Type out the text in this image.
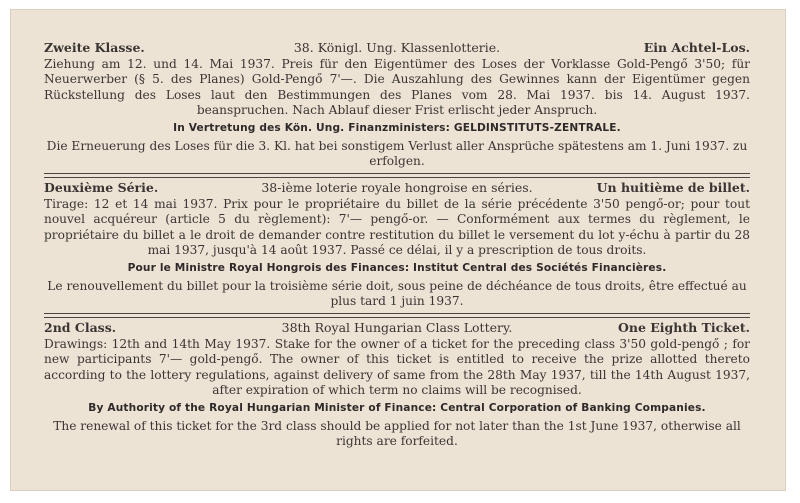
Zweite Klasse.	38. Königl. Ung. Klassenlotterie.	Ein Achtel-Los.

Ziehung am 12. und 14. Mai 1937. Preis für den Eigentümer des Loses der Vorklasse Gold-Pengő 3'50; für Neuerwerber (§ 5. des Planes) Gold-Pengő 7'—. Die Auszahlung des Gewinnes kann der Eigentümer gegen Rückstellung des Loses laut den Bestimmungen des Planes vom 28. Mai 1937. bis 14. August 1937. beanspruchen. Nach Ablauf dieser Frist erlischt jeder Anspruch.

In Vertretung des Kön. Ung. Finanzministers: GELDINSTITUTS-ZENTRALE.

Die Erneuerung des Loses für die 3. Kl. hat bei sonstigem Verlust aller Ansprüche spätestens am 1. Juni 1937. zu erfolgen.

Deuxième Série.	38-ième loterie royale hongroise en séries.	Un huitième de billet.

Tirage: 12 et 14 mai 1937. Prix pour le propriétaire du billet de la série précédente 3'50 pengő-or; pour tout nouvel acquéreur (article 5 du règlement): 7'— pengő-or. — Conformément aux termes du règlement, le propriétaire du billet a le droit de demander contre restitution du billet le versement du lot y-échu à partir du 28 mai 1937, jusqu'à 14 août 1937. Passé ce délai, il y a prescription de tous droits.

Pour le Ministre Royal Hongrois des Finances: Institut Central des Sociétés Financières.

Le renouvellement du billet pour la troisième série doit, sous peine de déchéance de tous droits, être effectué au plus tard 1 juin 1937.

2nd Class.	38th Royal Hungarian Class Lottery.	One Eighth Ticket.

Drawings: 12th and 14th May 1937. Stake for the owner of a ticket for the preceding class 3'50 gold-pengő ; for new participants 7'— gold-pengő. The owner of this ticket is entitled to receive the prize allotted thereto according to the lottery regulations, against delivery of same from the 28th May 1937, till the 14th August 1937, after expiration of which term no claims will be recognised.

By Authority of the Royal Hungarian Minister of Finance: Central Corporation of Banking Companies.

The renewal of this ticket for the 3rd class should be applied for not later than the 1st June 1937, otherwise all rights are forfeited.
